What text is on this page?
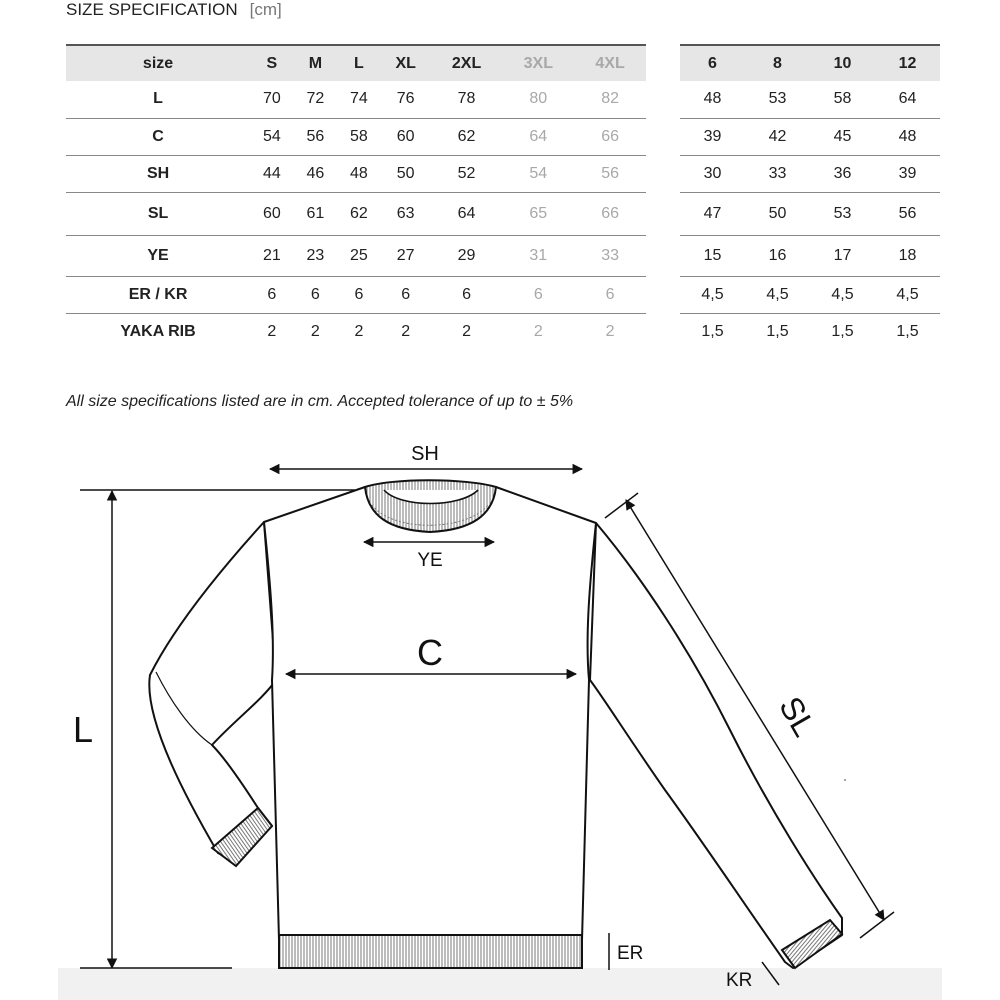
SIZE SPECIFICATION [cm]
size	S	M	L	XL	2XL	3XL	4XL
L	70	72	74	76	78	80	82
C	54	56	58	60	62	64	66
SH	44	46	48	50	52	54	56
SL	60	61	62	63	64	65	66
YE	21	23	25	27	29	31	33
ER / KR	6	6	6	6	6	6	6
YAKA RIB	2	2	2	2	2	2	2
6	8	10	12
48	53	58	64
39	42	45	48
30	33	36	39
47	50	53	56
15	16	17	18
4,5	4,5	4,5	4,5
1,5	1,5	1,5	1,5
All size specifications listed are in cm. Accepted tolerance of up to ± 5%
SH
YE
C
L	SL
ER
KR
